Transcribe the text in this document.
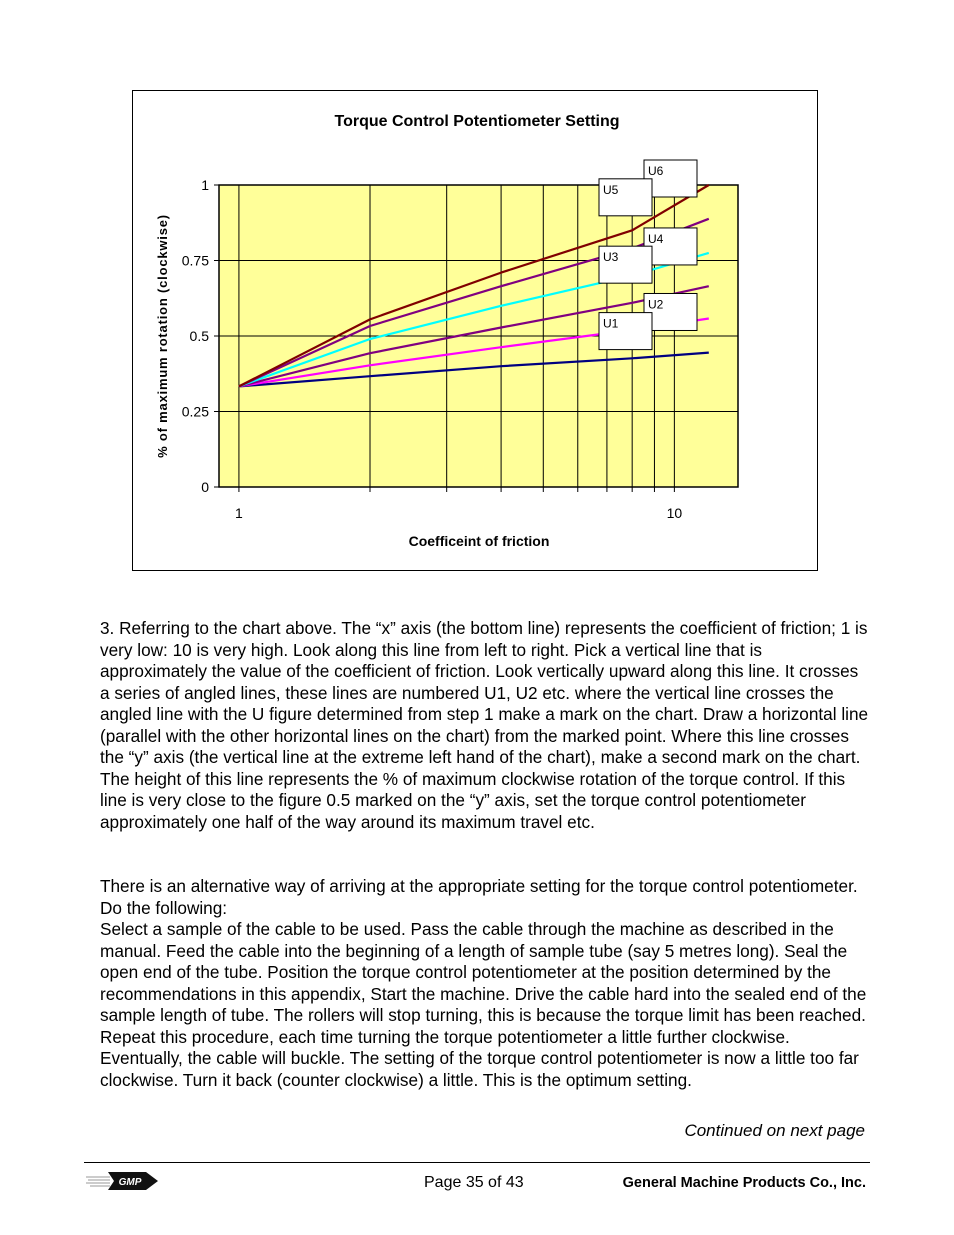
Torque Control Potentiometer Setting
0
0.25
0.5
0.75
1
1	10
U2
U4
U6
U1
U3
U5
Coefficeint of friction
% of maximum rotation (clockwise)

3. Referring to the chart above. The “x” axis (the bottom line) represents the coefficient of friction; 1 is very low: 10 is very high. Look along this line from left to right. Pick a vertical line that is approximately the value of the coefficient of friction. Look vertically upward along this line. It crosses a series of angled lines, these lines are numbered U1, U2 etc. where the vertical line crosses the angled line with the U figure determined from step 1 make a mark on the chart. Draw a horizontal line (parallel with the other horizontal lines on the chart) from the marked point. Where this line crosses the “y” axis (the vertical line at the extreme left hand of the chart), make a second mark on the chart. The height of this line represents the % of maximum clockwise rotation of the torque control. If this line is very close to the figure 0.5 marked on the “y” axis, set the torque control potentiometer approximately one half of the way around its maximum travel etc.

There is an alternative way of arriving at the appropriate setting for the torque control potentiometer.

Do the following:

Select a sample of the cable to be used. Pass the cable through the machine as described in the manual. Feed the cable into the beginning of a length of sample tube (say 5 metres long). Seal the open end of the tube. Position the torque control potentiometer at the position determined by the recommendations in this appendix, Start the machine. Drive the cable hard into the sealed end of the sample length of tube. The rollers will stop turning, this is because the torque limit has been reached. Repeat this procedure, each time turning the torque potentiometer a little further clockwise. Eventually, the cable will buckle. The setting of the torque control potentiometer is now a little too far clockwise. Turn it back (counter clockwise) a little. This is the optimum setting.

Continued on next page
GMP	Page 35 of 43	General Machine Products Co., Inc.
